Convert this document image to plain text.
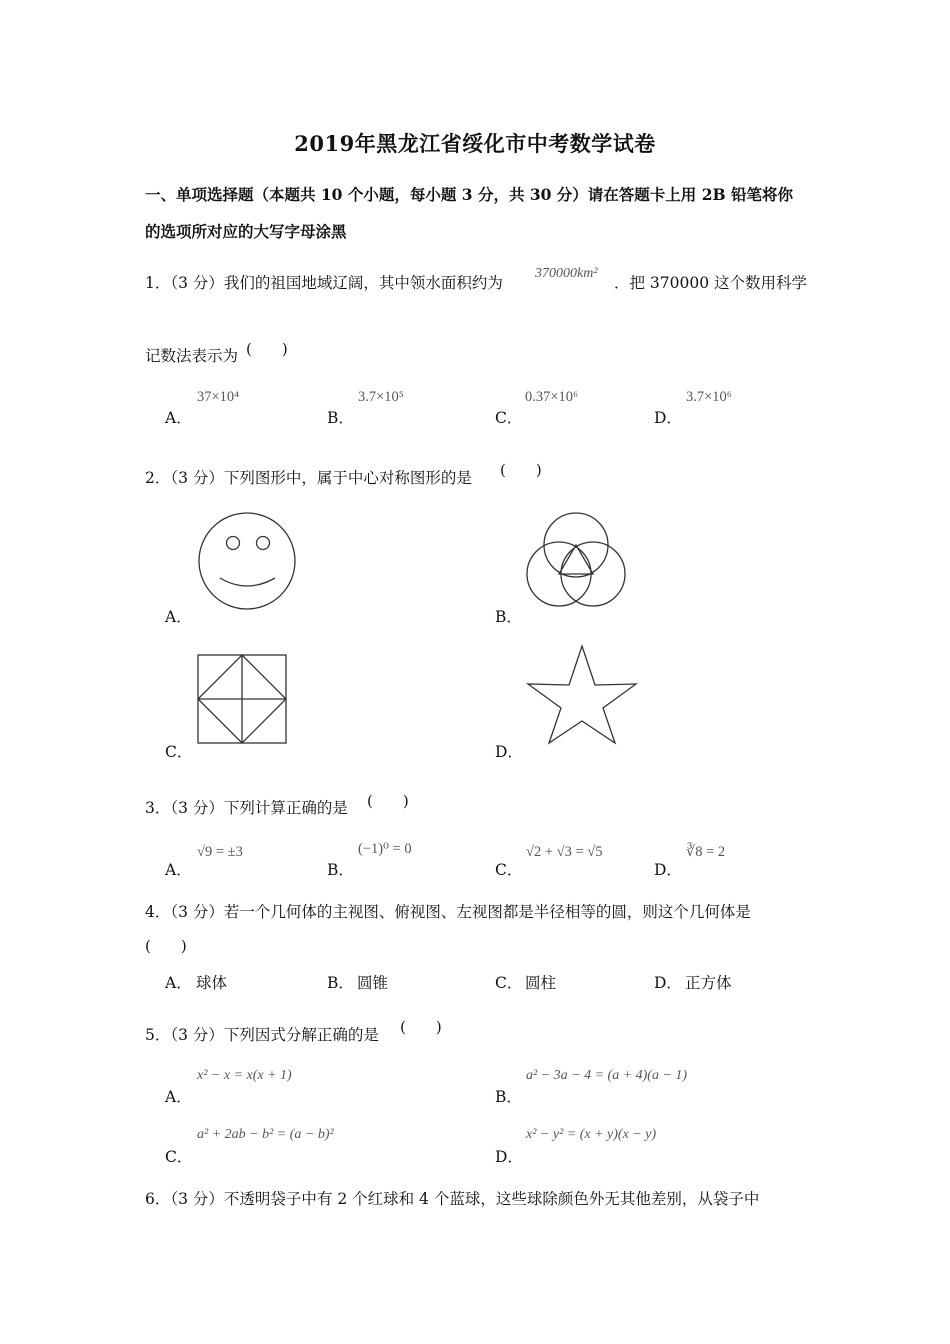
2019年黑龙江省绥化市中考数学试卷
一、单项选择题（本题共 10 个小题，每小题 3 分，共 30 分）请在答题卡上用 2B 铅笔将你
的选项所对应的大写字母涂黑
1．（3 分）我们的祖国地域辽阔，其中领水面积约为
370000km²
．把 370000 这个数用科学
记数法表示为 (　　)
A．
37×10⁴
B．
3.7×10⁵
C．
0.37×10⁶
D．
3.7×10⁶
2．（3 分）下列图形中，属于中心对称图形的是 (　　)
A．	B．
C．	D．
3．（3 分）下列计算正确的是 (　　)
A．
√9 = ±3
B．
(−1)⁰ = 0
C．
√2 + √3 = √5
D．
∛8 = 2
4．（3 分）若一个几何体的主视图、俯视图、左视图都是半径相等的圆，则这个几何体是
(　　)
A． 球体	B． 圆锥	C． 圆柱	D． 正方体
5．（3 分）下列因式分解正确的是 (　　)
A．
x² − x = x(x + 1)
B．
a² − 3a − 4 = (a + 4)(a − 1)
C．
a² + 2ab − b² = (a − b)²
D．
x² − y² = (x + y)(x − y)
6．（3 分）不透明袋子中有 2 个红球和 4 个蓝球，这些球除颜色外无其他差别，从袋子中
